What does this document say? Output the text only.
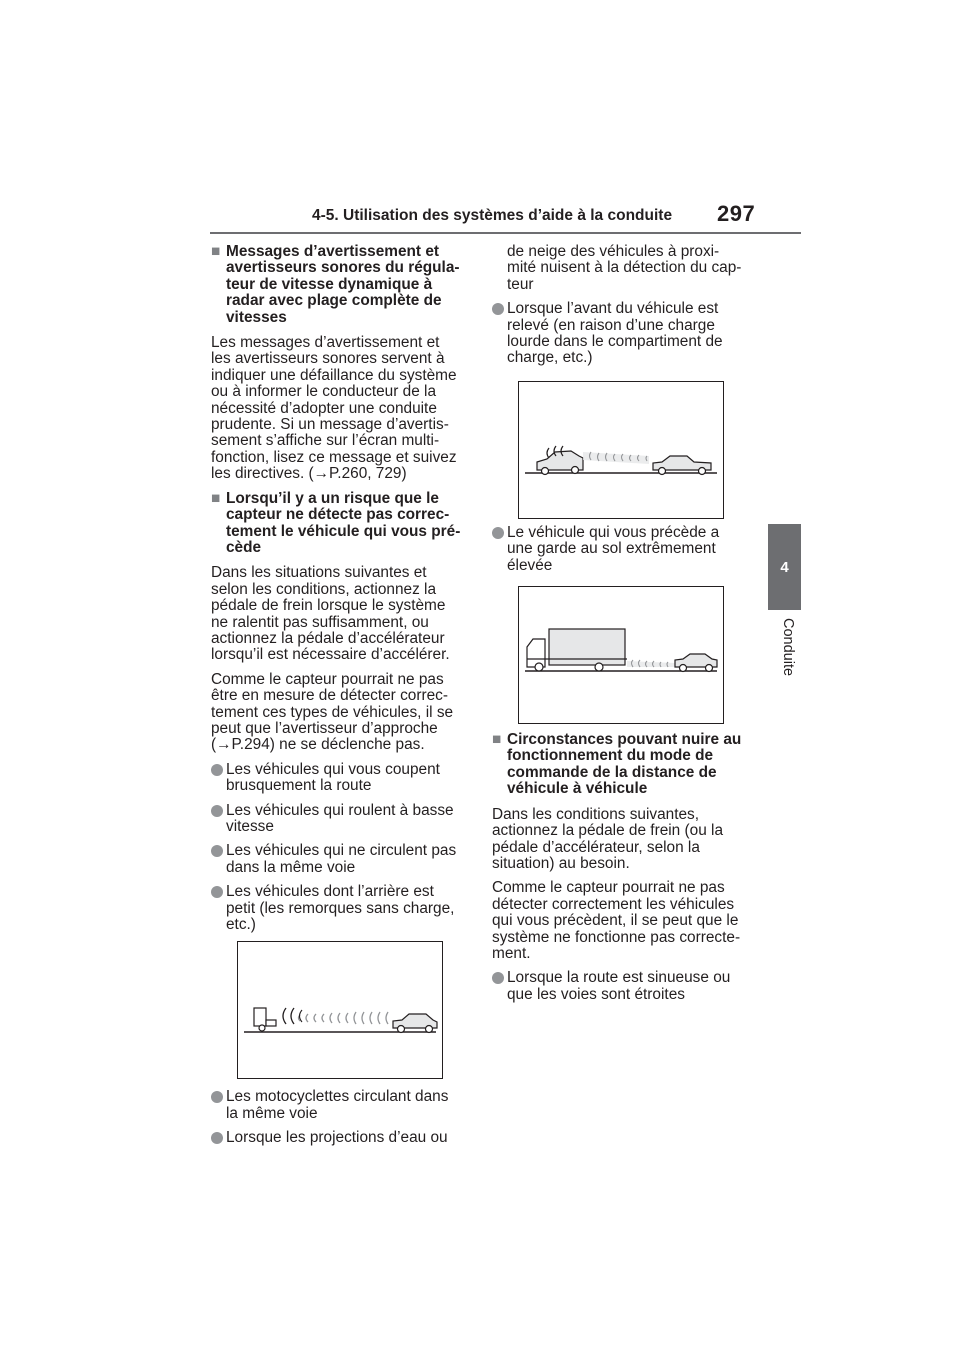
4-5. Utilisation des systèmes d’aide à la conduite 297
4
Conduite
■ Messages d’avertissement et
avertisseurs sonores du régula-
teur de vitesse dynamique à
radar avec plage complète de
vitesses
Les messages d’avertissement et
les avertisseurs sonores servent à
indiquer une défaillance du système
ou à informer le conducteur de la
nécessité d’adopter une conduite
prudente. Si un message d’avertis-
sement s’affiche sur l’écran multi-
fonction, lisez ce message et suivez
les directives. (→P.260, 729)
■ Lorsqu’il y a un risque que le
capteur ne détecte pas correc-
tement le véhicule qui vous pré-
cède
Dans les situations suivantes et
selon les conditions, actionnez la
pédale de frein lorsque le système
ne ralentit pas suffisamment, ou
actionnez la pédale d’accélérateur
lorsqu’il est nécessaire d’accélérer.
Comme le capteur pourrait ne pas
être en mesure de détecter correc-
tement ces types de véhicules, il se
peut que l’avertisseur d’approche
(→P.294) ne se déclenche pas.
Les véhicules qui vous coupent
brusquement la route
Les véhicules qui roulent à basse
vitesse
Les véhicules qui ne circulent pas
dans la même voie
Les véhicules dont l’arrière est
petit (les remorques sans charge,
etc.)
Les motocyclettes circulant dans
la même voie
Lorsque les projections d’eau ou
de neige des véhicules à proxi-
mité nuisent à la détection du cap-
teur
Lorsque l’avant du véhicule est
relevé (en raison d’une charge
lourde dans le compartiment de
charge, etc.)
Le véhicule qui vous précède a
une garde au sol extrêmement
élevée
■ Circonstances pouvant nuire au
fonctionnement du mode de
commande de la distance de
véhicule à véhicule
Dans les conditions suivantes,
actionnez la pédale de frein (ou la
pédale d’accélérateur, selon la
situation) au besoin.
Comme le capteur pourrait ne pas
détecter correctement les véhicules
qui vous précèdent, il se peut que le
système ne fonctionne pas correcte-
ment.
Lorsque la route est sinueuse ou
que les voies sont étroites
